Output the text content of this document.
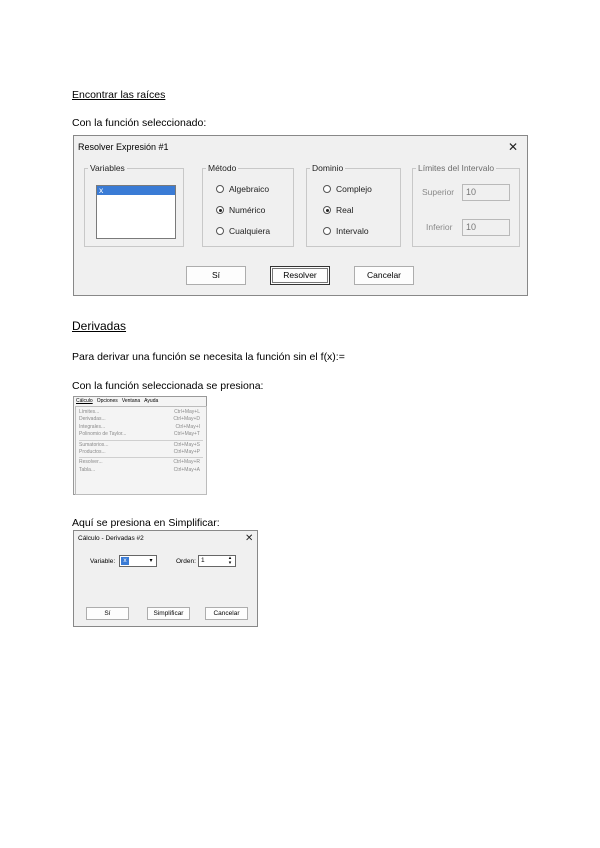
Encontrar las raíces
Con la función seleccionado:
Resolver Expresión #1	✕
Variables
x
Método
Algebraico
Numérico
Cualquiera
Dominio
Complejo
Real
Intervalo
Límites del Intervalo
Superior	10
Inferior	10
Sí	Resolver	Cancelar
Derivadas
Para derivar una función se necesita la función sin el f(x):=
Con la función seleccionada se presiona:
Cálculo Opciones Ventana Ayuda
Límites...	Ctrl+May+L
Derivadas...	Ctrl+May+D
Integrales...	Ctrl+May+I
Polinomio de Taylor...	Ctrl+May+T
Sumatorios...	Ctrl+May+S
Productos...	Ctrl+May+P
Resolver...	Ctrl+May+R
Tabla...	Ctrl+May+A
Aquí se presiona en Simplificar:
Cálculo - Derivadas #2	✕
Variable:	x	▾	Orden: 1	▴
▾
Sí	Simplificar	Cancelar
